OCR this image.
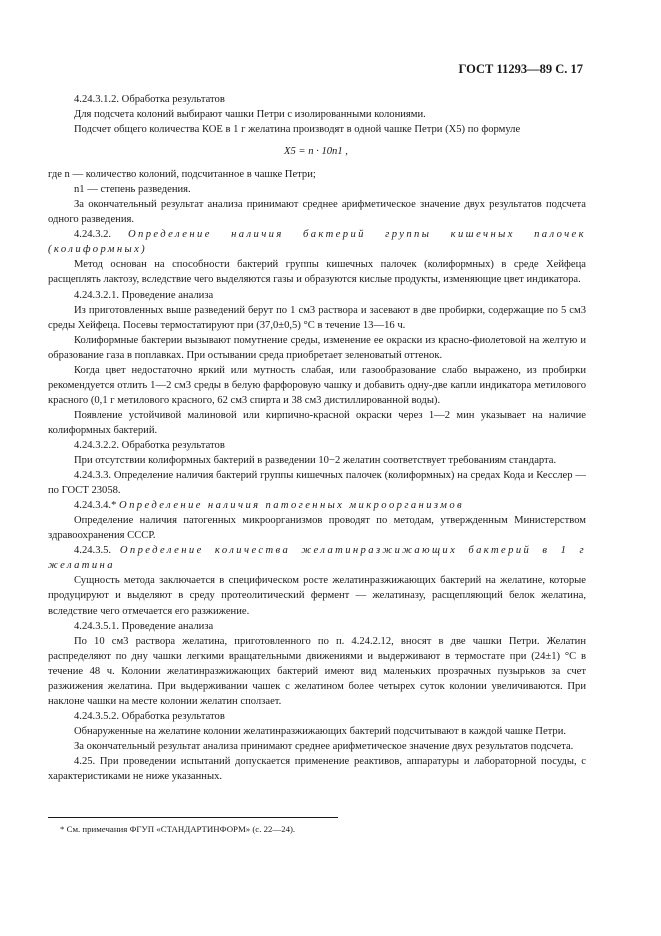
ГОСТ 11293—89 С. 17

4.24.3.1.2. Обработка результатов

Для подсчета колоний выбирают чашки Петри с изолированными колониями.

Подсчет общего количества КОЕ в 1 г желатина производят в одной чашке Петри (X5) по формуле

X5 = n · 10n1 ,

где n — количество колоний, подсчитанное в чашке Петри;

n1 — степень разведения.

За окончательный результат анализа принимают среднее арифметическое значение двух результатов подсчета одного разведения.

4.24.3.2. Определение наличия бактерий группы кишечных палочек (колиформных)

Метод основан на способности бактерий группы кишечных палочек (колиформных) в среде Хейфеца расщеплять лактозу, вследствие чего выделяются газы и образуются кислые продукты, изменяющие цвет индикатора.

4.24.3.2.1. Проведение анализа

Из приготовленных выше разведений берут по 1 см3 раствора и засевают в две пробирки, содержащие по 5 см3 среды Хейфеца. Посевы термостатируют при (37,0±0,5) °С в течение 13—16 ч.

Колиформные бактерии вызывают помутнение среды, изменение ее окраски из красно-фиолетовой на желтую и образование газа в поплавках. При остывании среда приобретает зеленоватый оттенок.

Когда цвет недостаточно яркий или мутность слабая, или газообразование слабо выражено, из пробирки рекомендуется отлить 1—2 см3 среды в белую фарфоровую чашку и добавить одну-две капли индикатора метилового красного (0,1 г метилового красного, 62 см3 спирта и 38 см3 дистиллированной воды).

Появление устойчивой малиновой или кирпично-красной окраски через 1—2 мин указывает на наличие колиформных бактерий.

4.24.3.2.2. Обработка результатов

При отсутствии колиформных бактерий в разведении 10−2 желатин соответствует требованиям стандарта.

4.24.3.3. Определение наличия бактерий группы кишечных палочек (колиформных) на средах Кода и Кесслер — по ГОСТ 23058.

4.24.3.4.* Определение наличия патогенных микроорганизмов

Определение наличия патогенных микроорганизмов проводят по методам, утвержденным Министерством здравоохранения СССР.

4.24.3.5. Определение количества желатинразжижающих бактерий в 1 г желатина

Сущность метода заключается в специфическом росте желатинразжижающих бактерий на желатине, которые продуцируют и выделяют в среду протеолитический фермент — желатиназу, расщепляющий белок желатина, вследствие чего отмечается его разжижение.

4.24.3.5.1. Проведение анализа

По 10 см3 раствора желатина, приготовленного по п. 4.24.2.12, вносят в две чашки Петри. Желатин распределяют по дну чашки легкими вращательными движениями и выдерживают в термостате при (24±1) °С в течение 48 ч. Колонии желатинразжижающих бактерий имеют вид маленьких прозрачных пузырьков за счет разжижения желатина. При выдерживании чашек с желатином более четырех суток колонии увеличиваются. При наклоне чашки на месте колонии желатин сползает.

4.24.3.5.2. Обработка результатов

Обнаруженные на желатине колонии желатинразжижающих бактерий подсчитывают в каждой чашке Петри.

За окончательный результат анализа принимают среднее арифметическое значение двух результатов подсчета.

4.25. При проведении испытаний допускается применение реактивов, аппаратуры и лабораторной посуды, с характеристиками не ниже указанных.

* См. примечания ФГУП «СТАНДАРТИНФОРМ» (с. 22—24).
